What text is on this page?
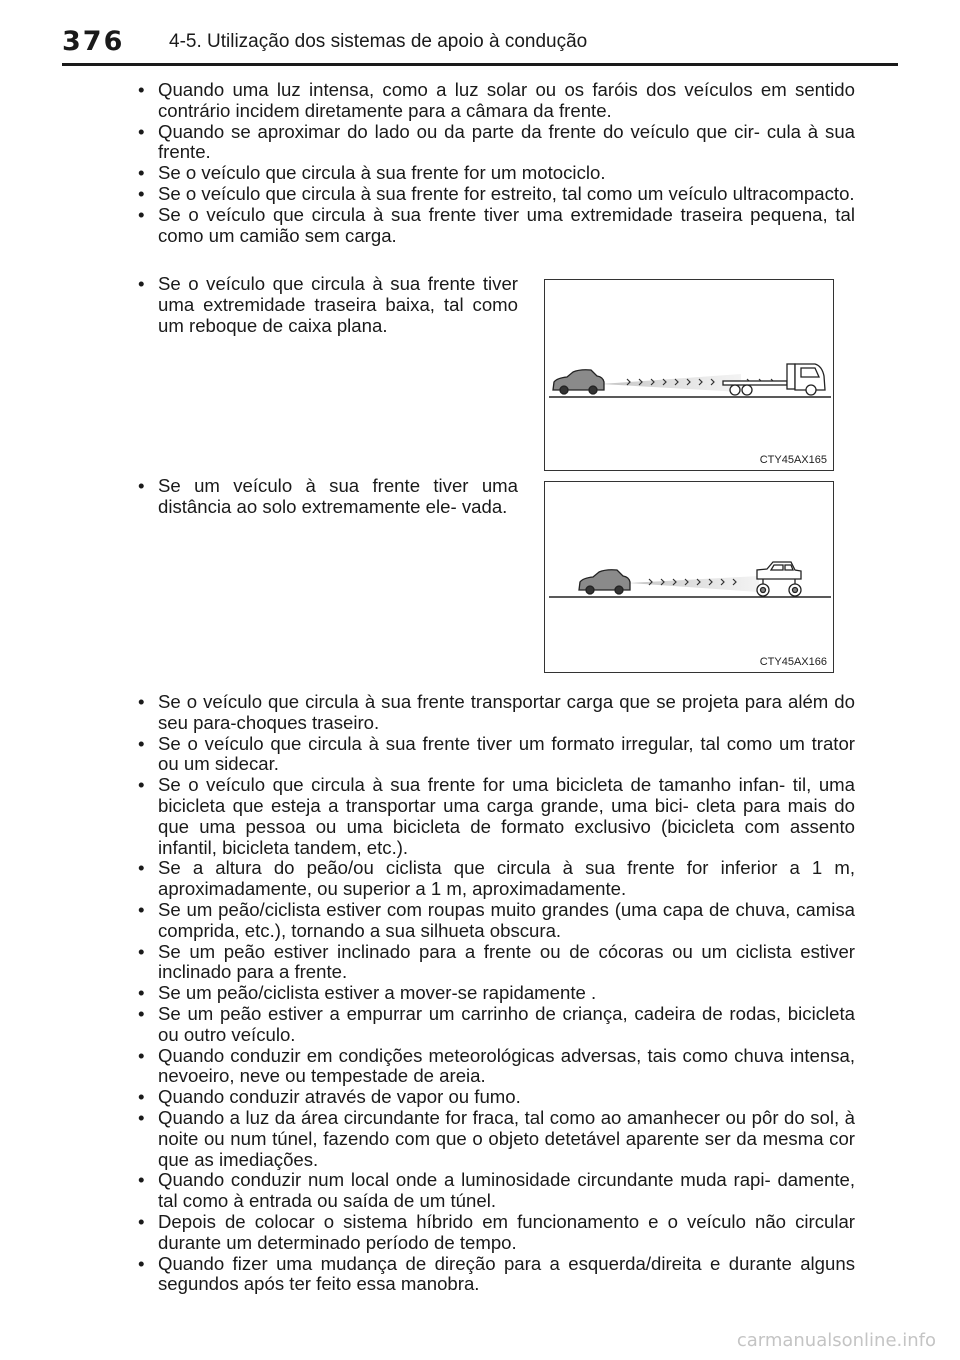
376 4-5. Utilização dos sistemas de apoio à condução
• Quando uma luz intensa, como a luz solar ou os faróis dos veículos em sentido contrário incidem diretamente para a câmara da frente.
• Quando se aproximar do lado ou da parte da frente do veículo que cir- cula à sua frente.
• Se o veículo que circula à sua frente for um motociclo.
• Se o veículo que circula à sua frente for estreito, tal como um veículo ultracompacto.
• Se o veículo que circula à sua frente tiver uma extremidade traseira pequena, tal como um camião sem carga.
• Se o veículo que circula à sua frente tiver uma extremidade traseira baixa, tal como um reboque de caixa plana.
CTY45AX165
• Se um veículo à sua frente tiver uma distância ao solo extremamente ele- vada.
CTY45AX166
• Se o veículo que circula à sua frente transportar carga que se projeta para além do seu para-choques traseiro.
• Se o veículo que circula à sua frente tiver um formato irregular, tal como um trator ou um sidecar.
• Se o veículo que circula à sua frente for uma bicicleta de tamanho infan- til, uma bicicleta que esteja a transportar uma carga grande, uma bici- cleta para mais do que uma pessoa ou uma bicicleta de formato exclusivo (bicicleta com assento infantil, bicicleta tandem, etc.).
• Se a altura do peão/ou ciclista que circula à sua frente for inferior a 1 m, aproximadamente, ou superior a 1 m, aproximadamente.
• Se um peão/ciclista estiver com roupas muito grandes (uma capa de chuva, camisa comprida, etc.), tornando a sua silhueta obscura.
• Se um peão estiver inclinado para a frente ou de cócoras ou um ciclista estiver inclinado para a frente.
• Se um peão/ciclista estiver a mover-se rapidamente .
• Se um peão estiver a empurrar um carrinho de criança, cadeira de rodas, bicicleta ou outro veículo.
• Quando conduzir em condições meteorológicas adversas, tais como chuva intensa, nevoeiro, neve ou tempestade de areia.
• Quando conduzir através de vapor ou fumo.
• Quando a luz da área circundante for fraca, tal como ao amanhecer ou pôr do sol, à noite ou num túnel, fazendo com que o objeto detetável aparente ser da mesma cor que as imediações.
• Quando conduzir num local onde a luminosidade circundante muda rapi- damente, tal como à entrada ou saída de um túnel.
• Depois de colocar o sistema híbrido em funcionamento e o veículo não circular durante um determinado período de tempo.
• Quando fizer uma mudança de direção para a esquerda/direita e durante alguns segundos após ter feito essa manobra.
carmanualsonline.info
